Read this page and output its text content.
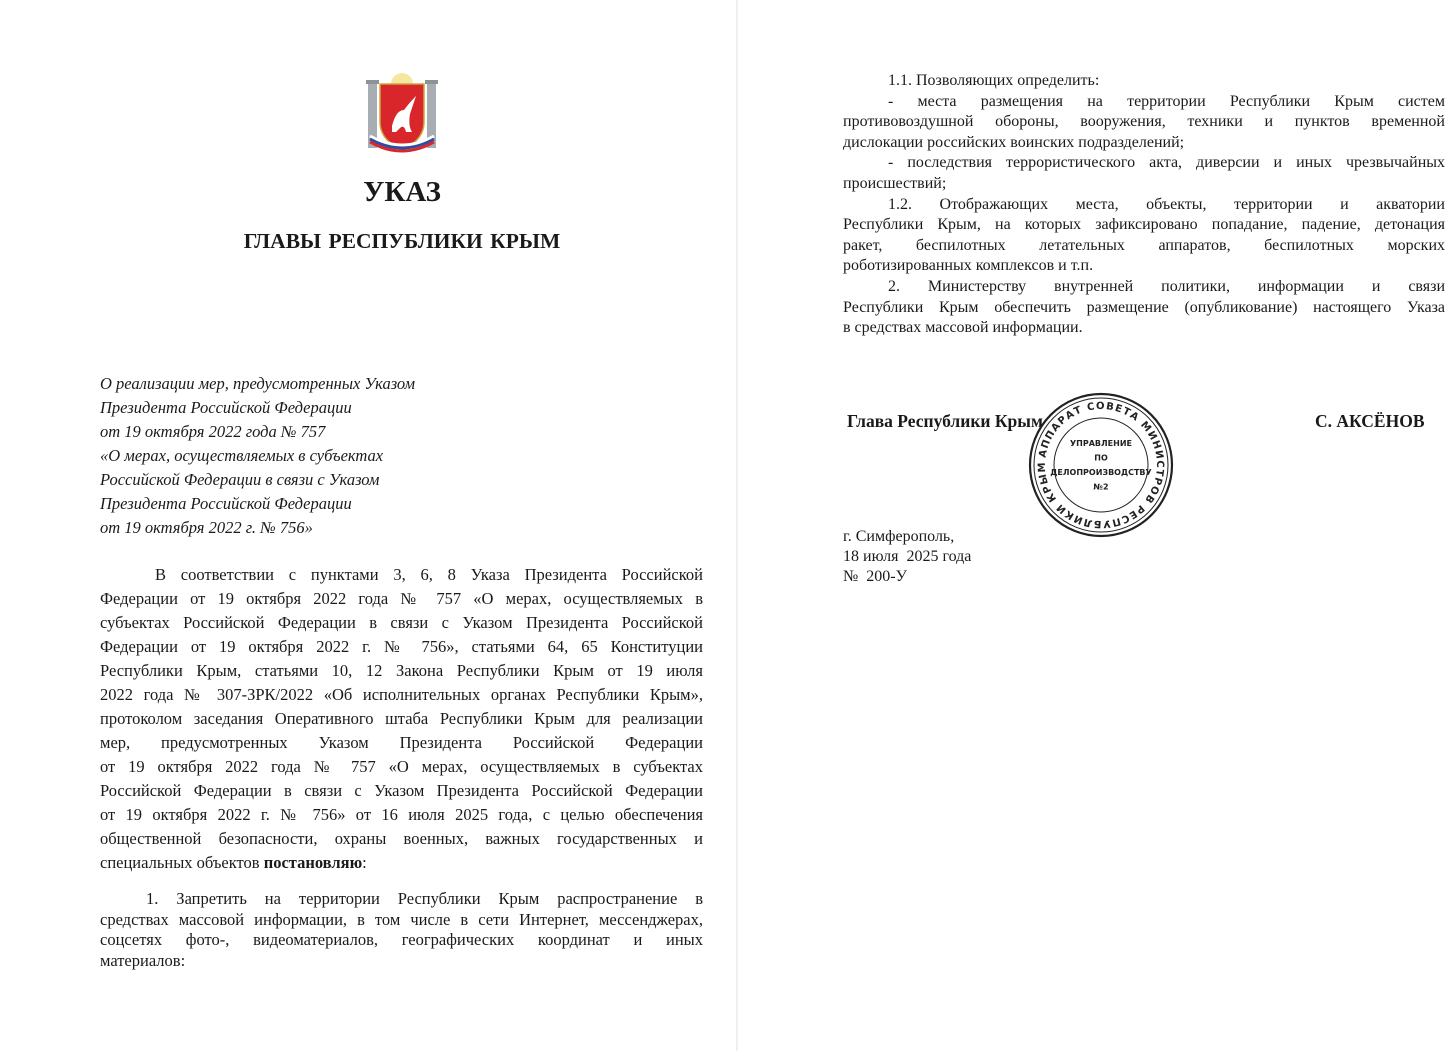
УКАЗ
ГЛАВЫ РЕСПУБЛИКИ КРЫМ
О реализации мер, предусмотренных Указом
Президента Российской Федерации
от 19 октября 2022 года № 757
«О мерах, осуществляемых в субъектах
Российской Федерации в связи с Указом
Президента Российской Федерации
от 19 октября 2022 г. № 756»
В соответствии с пунктами 3, 6, 8 Указа Президента Российской
Федерации от 19 октября 2022 года № 757 «О мерах, осуществляемых в
субъектах Российской Федерации в связи с Указом Президента Российской
Федерации от 19 октября 2022 г. № 756», статьями 64, 65 Конституции
Республики Крым, статьями 10, 12 Закона Республики Крым от 19 июля
2022 года № 307-ЗРК/2022 «Об исполнительных органах Республики Крым»,
протоколом заседания Оперативного штаба Республики Крым для реализации
мер, предусмотренных Указом Президента Российской Федерации
от 19 октября 2022 года № 757 «О мерах, осуществляемых в субъектах
Российской Федерации в связи с Указом Президента Российской Федерации
от 19 октября 2022 г. № 756» от 16 июля 2025 года, с целью обеспечения
общественной безопасности, охраны военных, важных государственных и
специальных объектов постановляю:
1. Запретить на территории Республики Крым распространение в
средствах массовой информации, в том числе в сети Интернет, мессенджерах,
соцсетях фото-, видеоматериалов, географических координат и иных
материалов:
1.1. Позволяющих определить:
- места размещения на территории Республики Крым систем
противовоздушной обороны, вооружения, техники и пунктов временной
дислокации российских воинских подразделений;
- последствия террористического акта, диверсии и иных чрезвычайных
происшествий;
1.2. Отображающих места, объекты, территории и акватории
Республики Крым, на которых зафиксировано попадание, падение, детонация
ракет, беспилотных летательных аппаратов, беспилотных морских
роботизированных комплексов и т.п.
2. Министерству внутренней политики, информации и связи
Республики Крым обеспечить размещение (опубликование) настоящего Указа
в средствах массовой информации.
Глава Республики Крым	С. АКСЁНОВ
АППАРАТ СОВЕТА МИНИСТРОВ РЕСПУБЛИКИ КРЫМ
УПРАВЛЕНИЕ ПО ДЕЛОПРОИЗВОДСТВУ №2
г. Симферополь,
18 июля  2025 года
№  200-У
